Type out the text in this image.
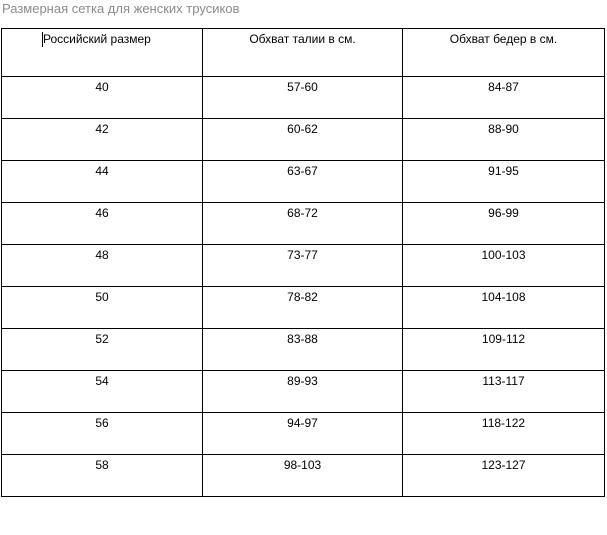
Размерная сетка для женских трусиков
Российский размер	Обхват талии в см.	Обхват бедер в см.
40	57-60	84-87
42	60-62	88-90
44	63-67	91-95
46	68-72	96-99
48	73-77	100-103
50	78-82	104-108
52	83-88	109-112
54	89-93	113-117
56	94-97	118-122
58	98-103	123-127
